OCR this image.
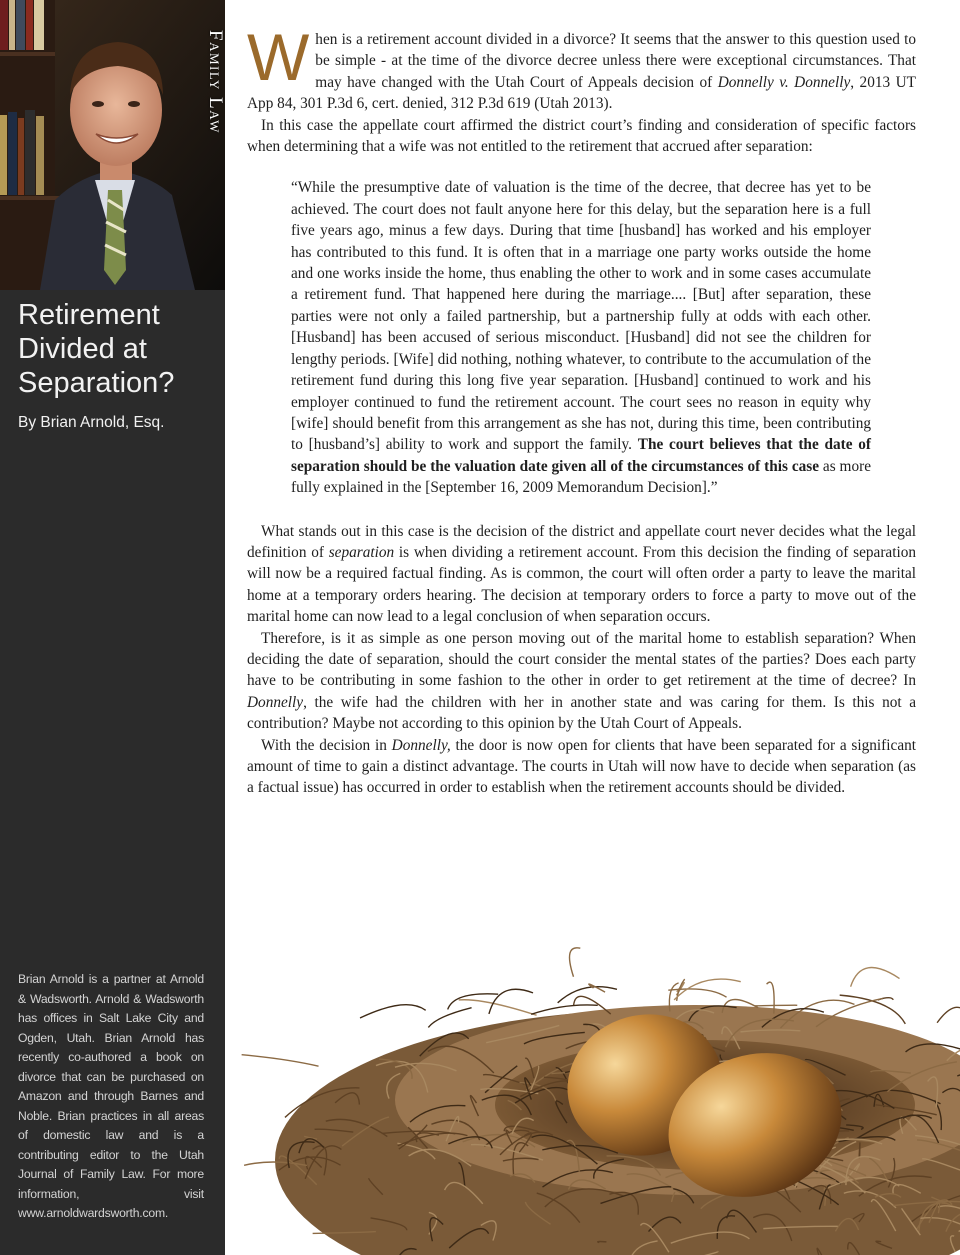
Retirement Divided at Separation?
By Brian Arnold, Esq.
Brian Arnold is a partner at Arnold & Wadsworth. Arnold & Wadsworth has offices in Salt Lake City and Ogden, Utah. Brian Arnold has recently co-authored a book on divorce that can be purchased on Amazon and through Barnes and Noble. Brian practices in all areas of domestic law and is a contributing editor to the Utah Journal of Family Law. For more information, visit www.arnoldwardsworth.com.
Family Law When is a retirement account divided in a divorce? It seems that the answer to this question used to be simple - at the time of the divorce decree unless there were exceptional circumstances. That may have changed with the Utah Court of Appeals decision of Donnelly v. Donnelly, 2013 UT App 84, 301 P.3d 6, cert. denied, 312 P.3d 619 (Utah 2013).

In this case the appellate court affirmed the district court’s finding and consideration of specific factors when determining that a wife was not entitled to the retirement that accrued after separation:

“While the presumptive date of valuation is the time of the decree, that decree has yet to be achieved. The court does not fault anyone here for this delay, but the separation here is a full five years ago, minus a few days. During that time [husband] has worked and his employer has contributed to this fund. It is often that in a marriage one party works outside the home and one works inside the home, thus enabling the other to work and in some cases accumulate a retirement fund. That happened here during the marriage.... [But] after separation, these parties were not only a failed partnership, but a partnership fully at odds with each other. [Husband] has been accused of serious misconduct. [Husband] did not see the children for lengthy periods. [Wife] did nothing, nothing whatever, to contribute to the accumulation of the retirement fund during this long five year separation. [Husband] continued to work and his employer continued to fund the retirement account. The court sees no reason in equity why [wife] should benefit from this arrangement as she has not, during this time, been contributing to [husband’s] ability to work and support the family. The court believes that the date of separation should be the valuation date given all of the circumstances of this case as more fully explained in the [September 16, 2009 Memorandum Decision].”

What stands out in this case is the decision of the district and appellate court never decides what the legal definition of separation is when dividing a retirement account. From this decision the finding of separation will now be a required factual finding. As is common, the court will often order a party to leave the marital home at a temporary orders hearing. The decision at temporary orders to force a party to move out of the marital home can now lead to a legal conclusion of when separation occurs.

Therefore, is it as simple as one person moving out of the marital home to establish separation? When deciding the date of separation, should the court consider the mental states of the parties? Does each party have to be contributing in some fashion to the other in order to get retirement at the time of decree? In Donnelly, the wife had the children with her in another state and was caring for them. Is this not a contribution? Maybe not according to this opinion by the Utah Court of Appeals.

With the decision in Donnelly, the door is now open for clients that have been separated for a significant amount of time to gain a distinct advantage. The courts in Utah will now have to decide when separation (as a factual issue) has occurred in order to establish when the retirement accounts should be divided.
